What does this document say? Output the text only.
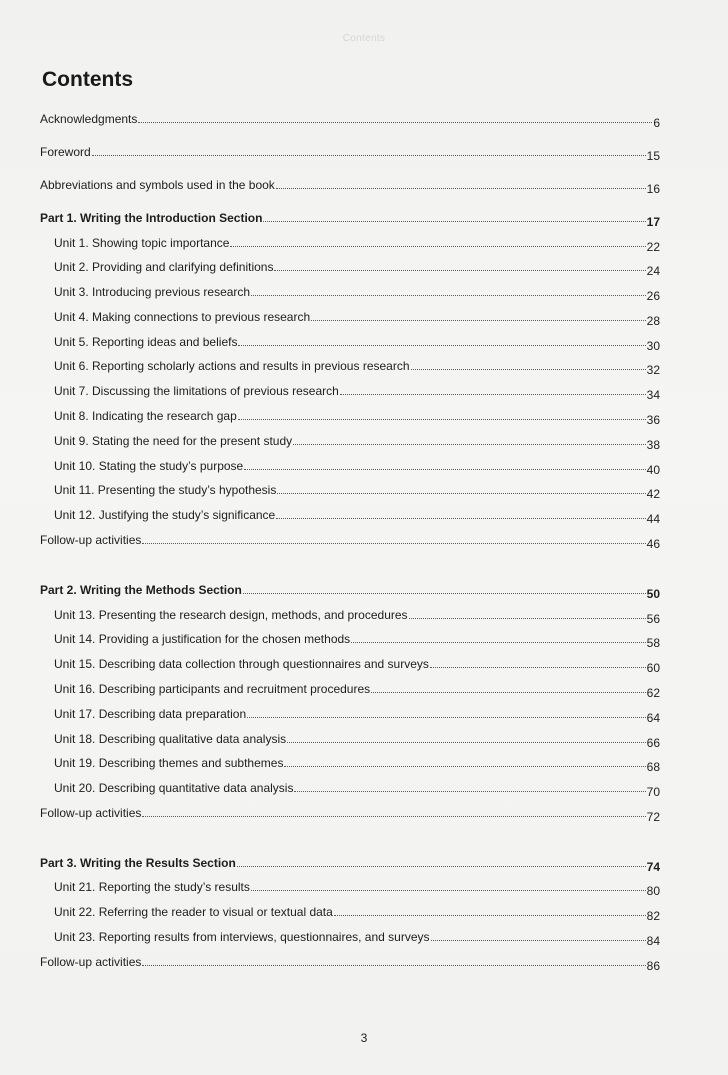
Contents
Contents
Acknowledgments	6
Foreword	15
Abbreviations and symbols used in the book	16
Part 1. Writing the Introduction Section	17
Unit 1. Showing topic importance	22
Unit 2. Providing and clarifying definitions	24
Unit 3. Introducing previous research	26
Unit 4. Making connections to previous research	28
Unit 5. Reporting ideas and beliefs	30
Unit 6. Reporting scholarly actions and results in previous research	32
Unit 7. Discussing the limitations of previous research	34
Unit 8. Indicating the research gap	36
Unit 9. Stating the need for the present study	38
Unit 10. Stating the study’s purpose	40
Unit 11. Presenting the study’s hypothesis	42
Unit 12. Justifying the study’s significance	44
Follow-up activities	46
Part 2. Writing the Methods Section	50
Unit 13. Presenting the research design, methods, and procedures	56
Unit 14. Providing a justification for the chosen methods	58
Unit 15. Describing data collection through questionnaires and surveys	60
Unit 16. Describing participants and recruitment procedures	62
Unit 17. Describing data preparation	64
Unit 18. Describing qualitative data analysis	66
Unit 19. Describing themes and subthemes	68
Unit 20. Describing quantitative data analysis	70
Follow-up activities	72
Part 3. Writing the Results Section	74
Unit 21. Reporting the study’s results	80
Unit 22. Referring the reader to visual or textual data	82
Unit 23. Reporting results from interviews, questionnaires, and surveys	84
Follow-up activities	86
3
